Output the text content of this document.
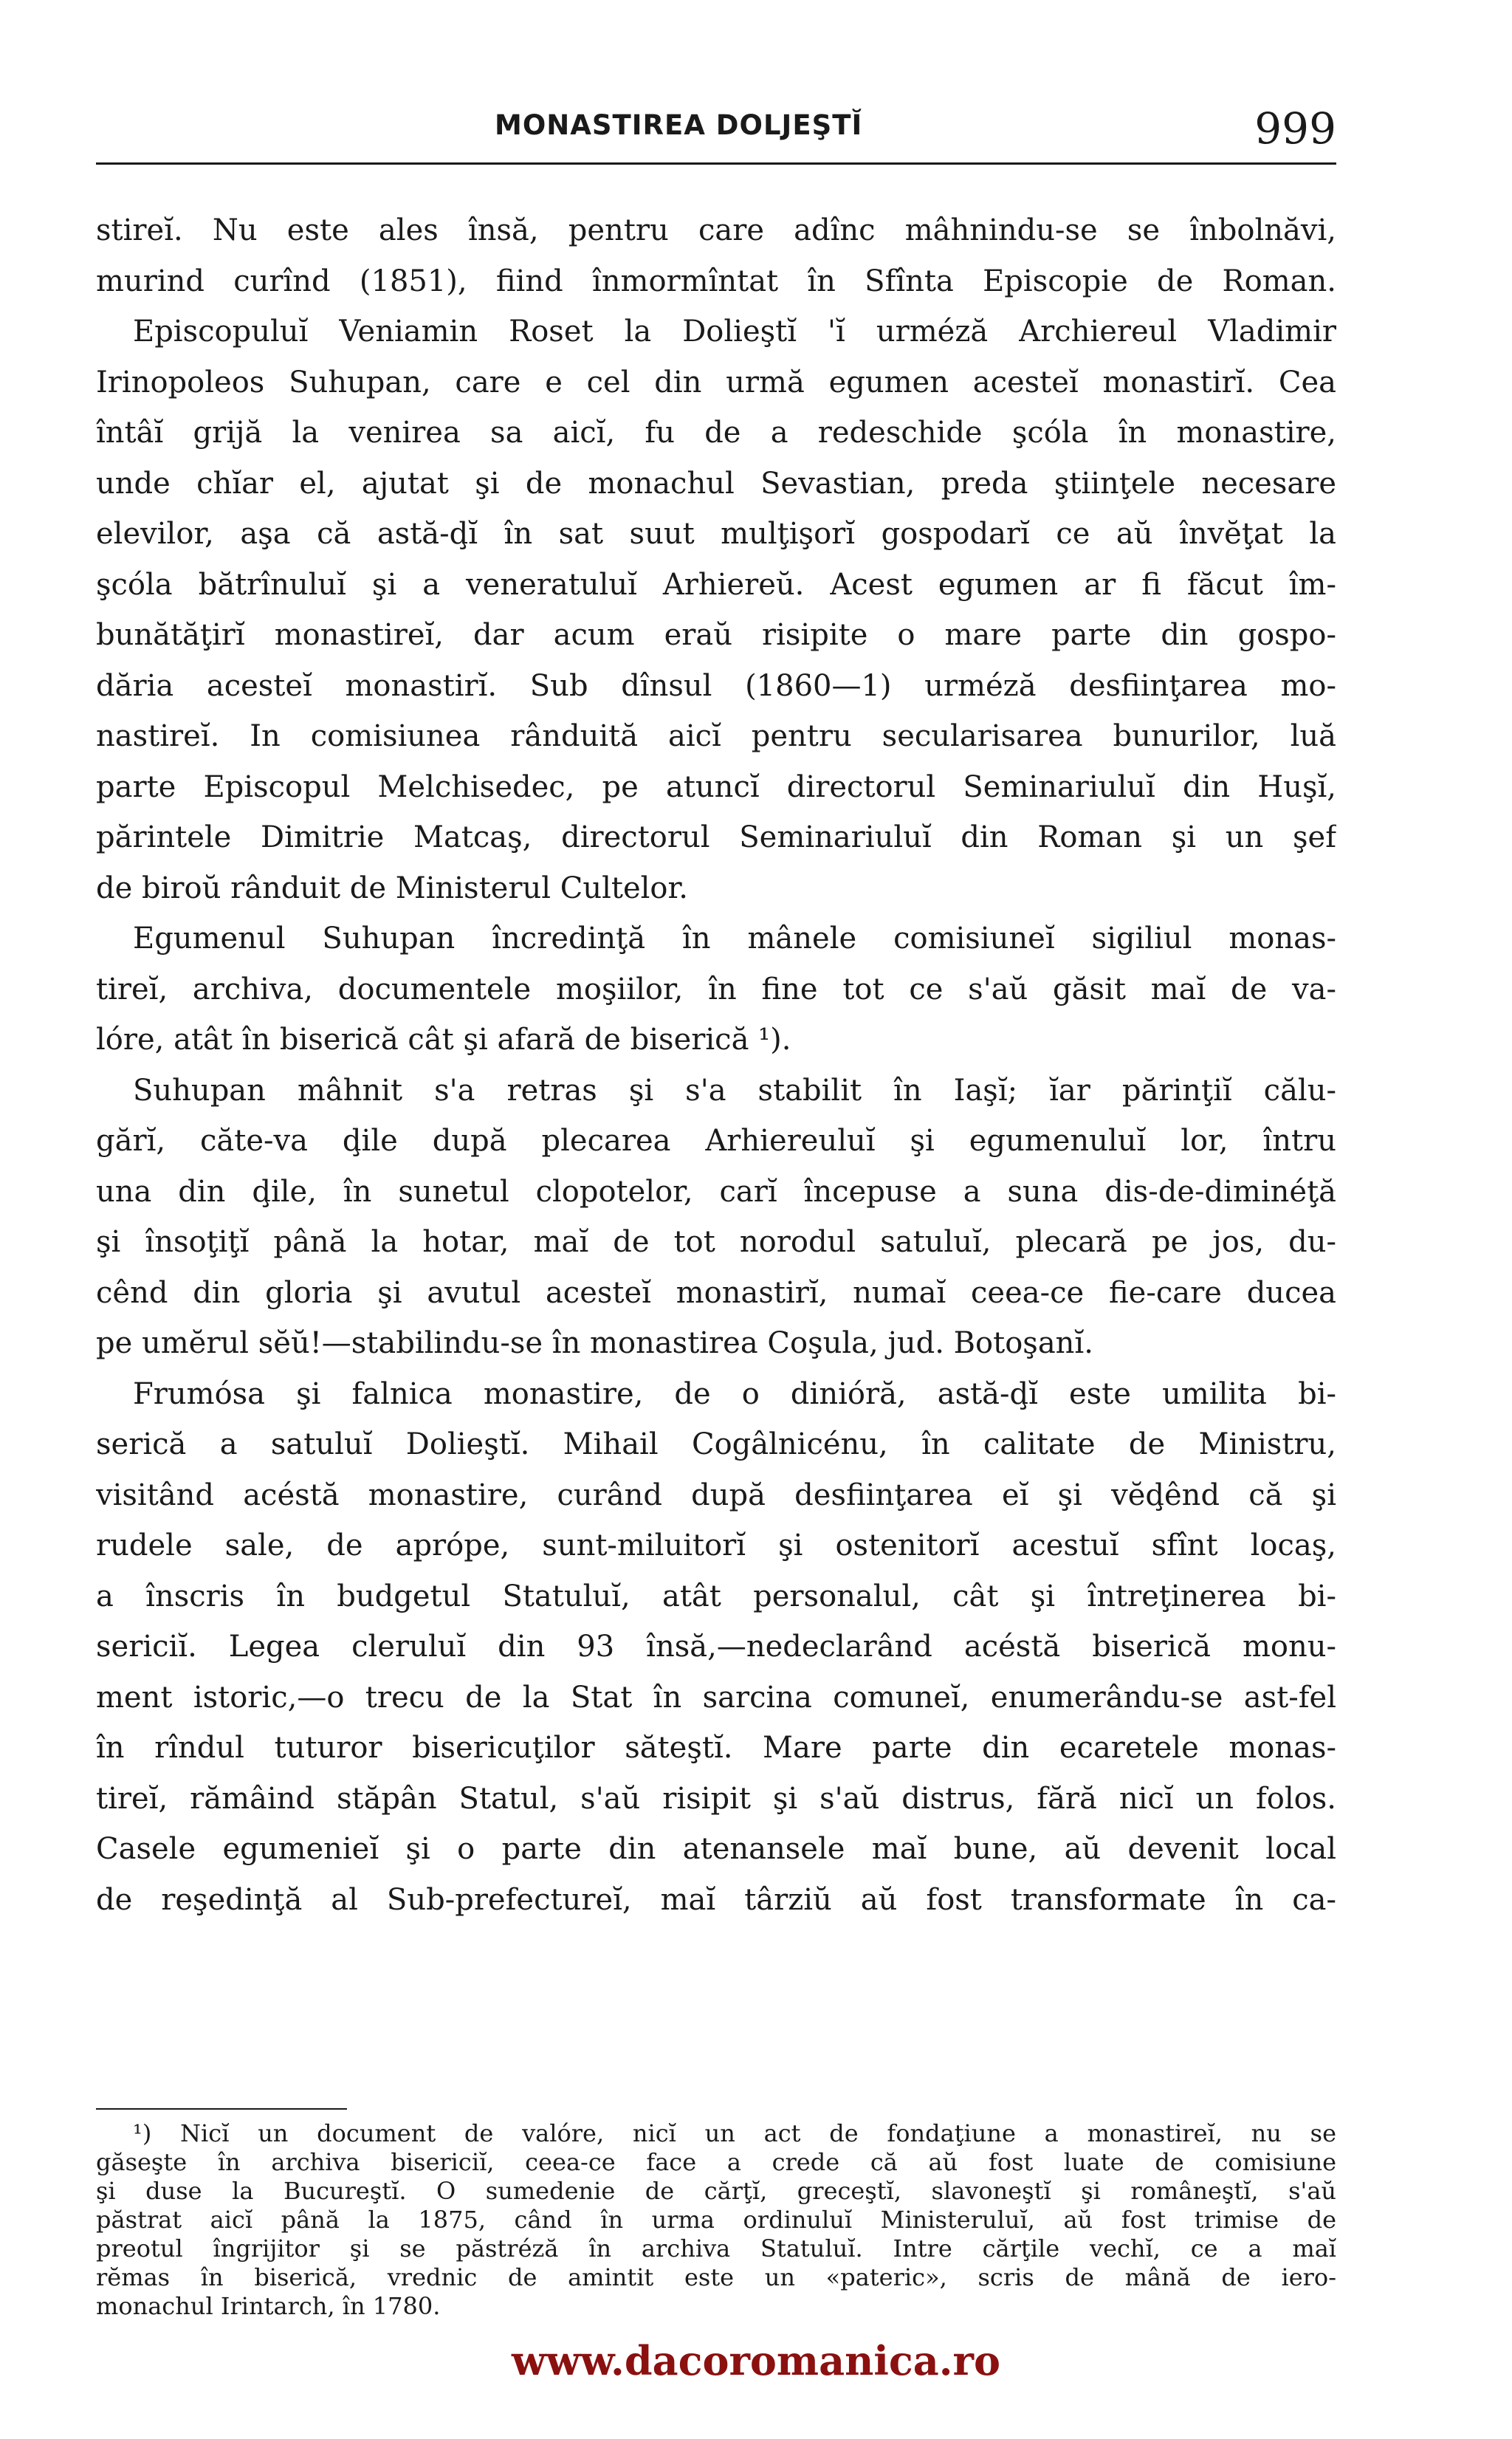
MONASTIREA DOLJEŞTĬ	999
stireĭ. Nu este ales însă, pentru care adînc mâhnindu-se se înbolnăvi,
murind curînd (1851), fiind înmormîntat în Sfînta Episcopie de Roman.
Episcopuluĭ Veniamin Roset la Dolieştĭ 'ĭ urméză Archiereul Vladimir
Irinopoleos Suhupan, care e cel din urmă egumen acesteĭ monastirĭ. Cea
întâĭ grijă la venirea sa aicĭ, fu de a redeschide şcóla în monastire,
unde chĭar el, ajutat şi de monachul Sevastian, preda ştiinţele necesare
elevilor, aşa că astă-ḑĭ în sat suut mulţişorĭ gospodarĭ ce aŭ învĕţat la
şcóla bătrînuluĭ şi a veneratuluĭ Arhiereŭ. Acest egumen ar fi făcut îm-
bunătăţirĭ monastireĭ, dar acum eraŭ risipite o mare parte din gospo-
dăria acesteĭ monastirĭ. Sub dînsul (1860—1) urméză desfiinţarea mo-
nastireĭ. In comisiunea rânduită aicĭ pentru secularisarea bunurilor, luă
parte Episcopul Melchisedec, pe atuncĭ directorul Seminariuluĭ din Huşĭ,
părintele Dimitrie Matcaş, directorul Seminariuluĭ din Roman şi un şef
de biroŭ rânduit de Ministerul Cultelor.
Egumenul Suhupan încredinţă în mânele comisiuneĭ sigiliul monas-
tireĭ, archiva, documentele moşiilor, în fine tot ce s'aŭ găsit maĭ de va-
lóre, atât în biserică cât şi afară de biserică ¹).
Suhupan mâhnit s'a retras şi s'a stabilit în Iaşĭ; ĭar părinţiĭ călu-
gărĭ, căte-va ḑile după plecarea Arhiereuluĭ şi egumenuluĭ lor, întru
una din ḑile, în sunetul clopotelor, carĭ începuse a suna dis-de-diminéţă
şi însoţiţĭ până la hotar, maĭ de tot norodul satuluĭ, plecară pe jos, du-
cênd din gloria şi avutul acesteĭ monastirĭ, numaĭ ceea-ce fie-care ducea
pe umĕrul sĕŭ!—stabilindu-se în monastirea Coşula, jud. Botoşanĭ.
Frumósa şi falnica monastire, de o dinióră, astă-ḑĭ este umilita bi-
serică a satuluĭ Dolieştĭ. Mihail Cogâlnicénu, în calitate de Ministru,
visitând acéstă monastire, curând după desfiinţarea eĭ şi vĕḑênd că şi
rudele sale, de aprópe, sunt-miluitorĭ şi ostenitorĭ acestuĭ sfînt locaş,
a înscris în budgetul Statuluĭ, atât personalul, cât şi întreţinerea bi-
sericiĭ. Legea cleruluĭ din 93 însă,—nedeclarând acéstă biserică monu-
ment istoric,—o trecu de la Stat în sarcina comuneĭ, enumerându-se ast-fel
în rîndul tuturor bisericuţilor săteştĭ. Mare parte din ecaretele monas-
tireĭ, rămâind stăpân Statul, s'aŭ risipit şi s'aŭ distrus, fără nicĭ un folos.
Casele egumenieĭ şi o parte din atenansele maĭ bune, aŭ devenit local
de reşedinţă al Sub-prefectureĭ, maĭ târziŭ aŭ fost transformate în ca-
¹) Nicĭ un document de valóre, nicĭ un act de fondaţiune a monastireĭ, nu se
găseşte în archiva bisericiĭ, ceea-ce face a crede că aŭ fost luate de comisiune
şi duse la Bucureştĭ. O sumedenie de cărţĭ, greceştĭ, slavoneştĭ şi româneştĭ, s'aŭ
păstrat aicĭ până la 1875, când în urma ordinuluĭ Ministeruluĭ, aŭ fost trimise de
preotul îngrijitor şi se păstréză în archiva Statuluĭ. Intre cărţile vechĭ, ce a maĭ
rĕmas în biserică, vrednic de amintit este un «pateric», scris de mână de iero-
monachul Irintarch, în 1780.
www.dacoromanica.ro
